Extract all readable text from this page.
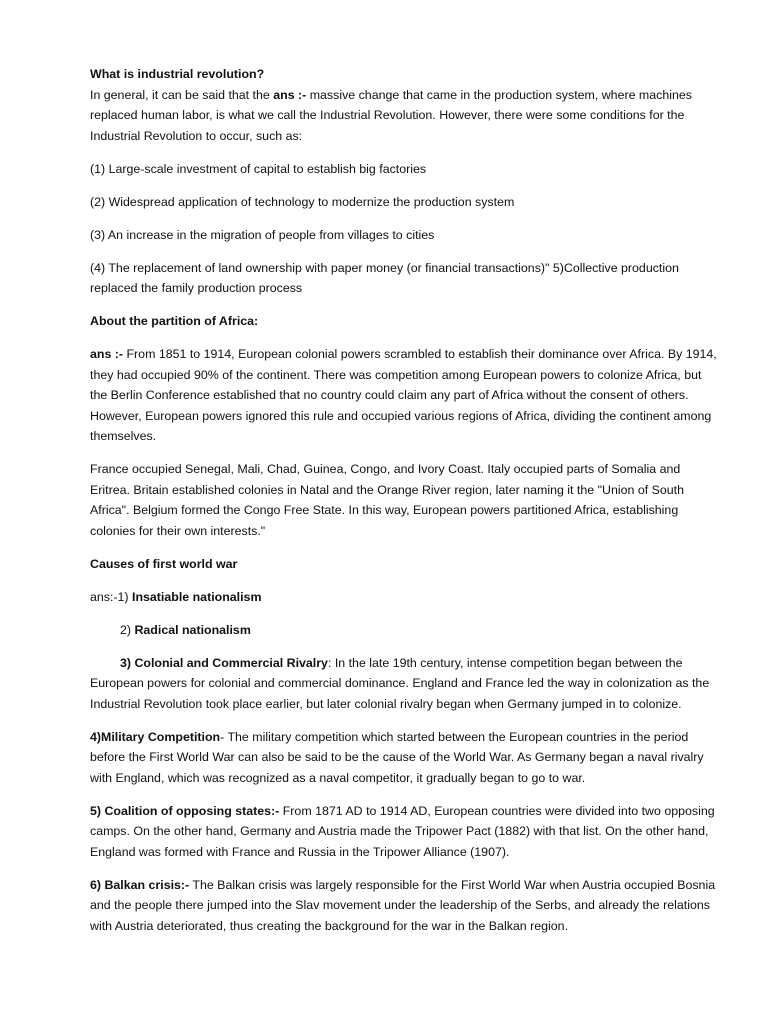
What is industrial revolution?

In general, it can be said that the ans :- massive change that came in the production system, where machines replaced human labor, is what we call the Industrial Revolution. However, there were some conditions for the Industrial Revolution to occur, such as:

(1) Large-scale investment of capital to establish big factories

(2) Widespread application of technology to modernize the production system

(3) An increase in the migration of people from villages to cities

(4) The replacement of land ownership with paper money (or financial transactions)" 5)Collective production replaced the family production process

About the partition of Africa:

ans :- From 1851 to 1914, European colonial powers scrambled to establish their dominance over Africa. By 1914, they had occupied 90% of the continent. There was competition among European powers to colonize Africa, but the Berlin Conference established that no country could claim any part of Africa without the consent of others. However, European powers ignored this rule and occupied various regions of Africa, dividing the continent among themselves.

France occupied Senegal, Mali, Chad, Guinea, Congo, and Ivory Coast. Italy occupied parts of Somalia and Eritrea. Britain established colonies in Natal and the Orange River region, later naming it the "Union of South Africa". Belgium formed the Congo Free State. In this way, European powers partitioned Africa, establishing colonies for their own interests."

Causes of first world war

ans:-1) Insatiable nationalism

2) Radical nationalism

3) Colonial and Commercial Rivalry: In the late 19th century, intense competition began between the European powers for colonial and commercial dominance. England and France led the way in colonization as the Industrial Revolution took place earlier, but later colonial rivalry began when Germany jumped in to colonize.

4)Military Competition- The military competition which started between the European countries in the period before the First World War can also be said to be the cause of the World War. As Germany began a naval rivalry with England, which was recognized as a naval competitor, it gradually began to go to war.

5) Coalition of opposing states:- From 1871 AD to 1914 AD, European countries were divided into two opposing camps. On the other hand, Germany and Austria made the Tripower Pact (1882) with that list. On the other hand, England was formed with France and Russia in the Tripower Alliance (1907).

6) Balkan crisis:- The Balkan crisis was largely responsible for the First World War when Austria occupied Bosnia and the people there jumped into the Slav movement under the leadership of the Serbs, and already the relations with Austria deteriorated, thus creating the background for the war in the Balkan region.
